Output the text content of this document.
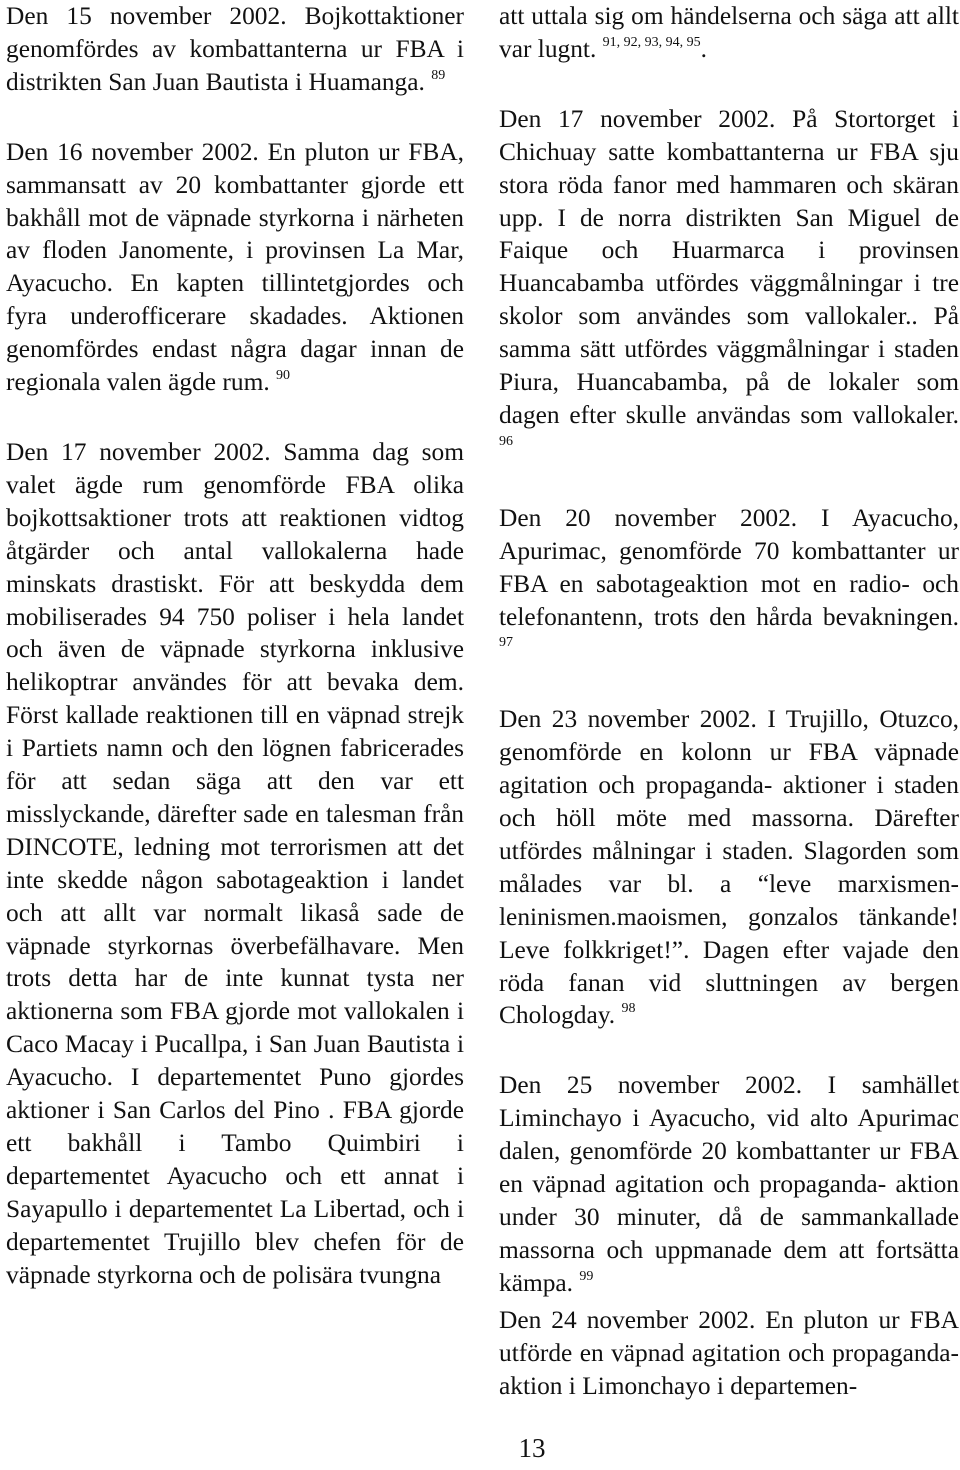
Den 15 november 2002. Bojkottaktioner genomfördes av kombattanterna ur FBA i distrikten San Juan Bautista i Huamanga. $^{89}$

Den 16 november 2002. En pluton ur FBA, sammansatt av 20 kombattanter gjorde ett bakhåll mot de väpnade styrkorna i närheten av floden Janomente, i provinsen La Mar, Ayacucho. En kapten tillintetgjordes och fyra underofficerare skadades. Aktionen genomfördes endast några dagar innan de regionala valen ägde rum. $^{90}$

Den 17 november 2002. Samma dag som valet ägde rum genomförde FBA olika bojkottsaktioner trots att reaktionen vidtog åtgärder och antal vallokalerna hade minskats drastiskt. För att beskydda dem mobiliserades 94 750 poliser i hela landet och även de väpnade styrkorna inklusive helikoptrar användes för att bevaka dem. Först kallade reaktionen till en väpnad strejk i Partiets namn och den lögnen fabricerades för att sedan säga att den var ett misslyckande, därefter sade en talesman från DINCOTE, ledning mot terrorismen att det inte skedde någon sabotageaktion i landet och att allt var normalt likaså sade de väpnade styrkornas överbefälhavare. Men trots detta har de inte kunnat tysta ner aktionerna som FBA gjorde mot vallokalen i Caco Macay i Pucallpa, i San Juan Bautista i Ayacucho. I departementet Puno gjordes aktioner i San Carlos del Pino . FBA gjorde ett bakhåll i Tambo Quimbiri i departementet Ayacucho och ett annat i Sayapullo i departementet La Libertad, och i departementet Trujillo blev chefen för de väpnade styrkorna och de polisära tvungna

att uttala sig om händelserna och säga att allt var lugnt. $^{91, 92, 93, 94, 95}$.

Den 17 november 2002. På Stortorget i Chichuay satte kombattanterna ur FBA sju stora röda fanor med hammaren och skäran upp. I de norra distrikten San Miguel de Faique och Huarmarca i provinsen Huancabamba utfördes väggmålningar i tre skolor som användes som vallokaler.. På samma sätt utfördes väggmålningar i staden Piura, Huancabamba, på de lokaler som dagen efter skulle användas som vallokaler. $^{96}$

Den 20 november 2002. I Ayacucho, Apurimac, genomförde 70 kombattanter ur FBA en sabotageaktion mot en radio- och telefonantenn, trots den hårda bevakningen. $^{97}$

Den 23 november 2002. I Trujillo, Otuzco, genomförde en kolonn ur FBA väpnade agitation och propaganda- aktioner i staden och höll möte med massorna. Därefter utfördes målningar i staden. Slagorden som målades var bl. a “leve marxismen-leninismen.maoismen, gonzalos tänkande! Leve folkkriget!”. Dagen efter vajade den röda fanan vid sluttningen av bergen Chologday. $^{98}$

Den 25 november 2002. I samhället Liminchayo i Ayacucho, vid alto Apurimac dalen, genomförde 20 kombattanter ur FBA en väpnad agitation och propaganda- aktion under 30 minuter, då de sammankallade massorna och uppmanade dem att fortsätta kämpa. $^{99}$

Den 24 november 2002. En pluton ur FBA utförde en väpnad agitation och propaganda- aktion i Limonchayo i departemen-

13
